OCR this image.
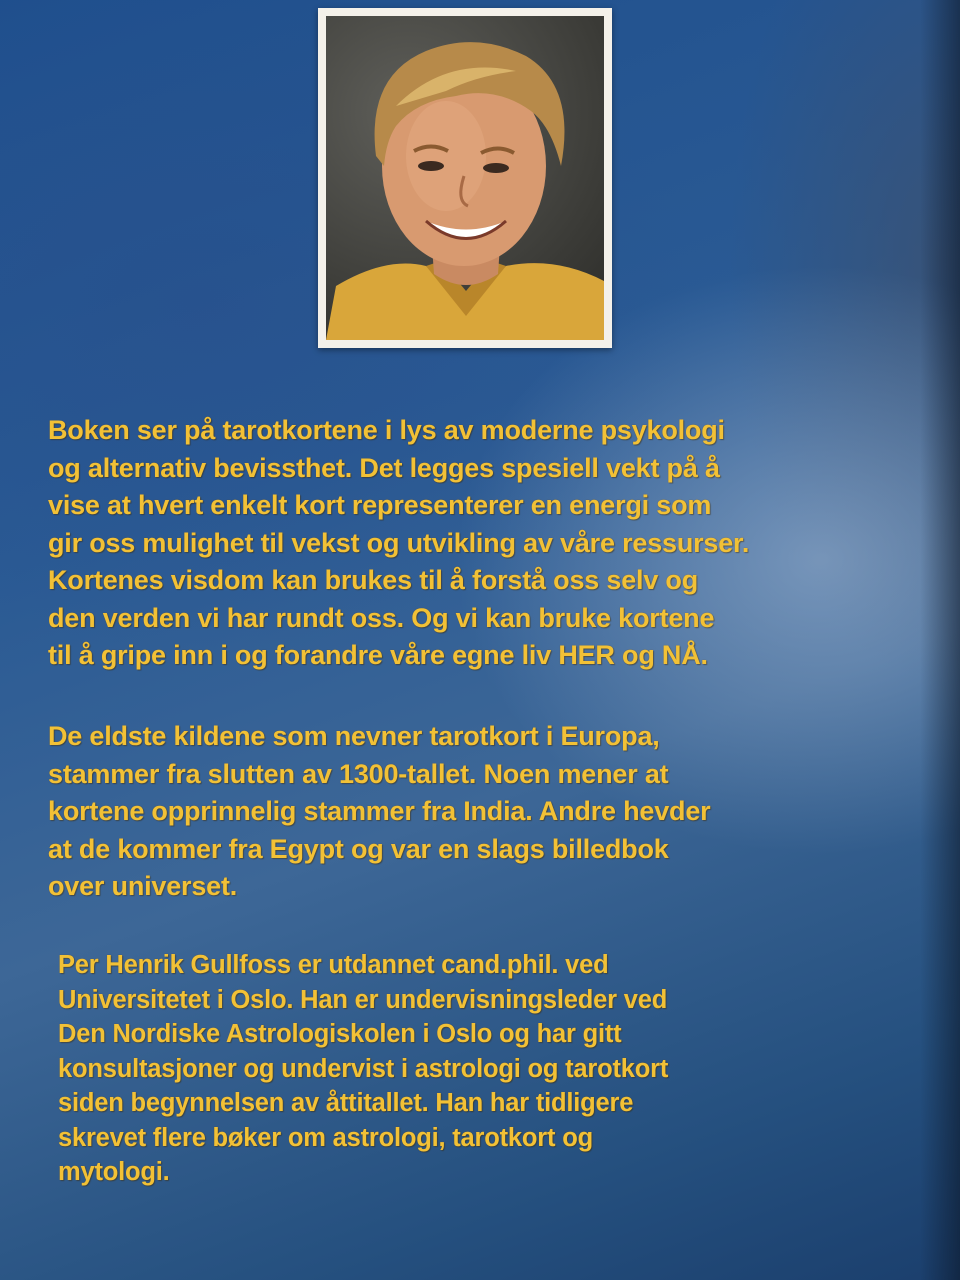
Boken ser på tarotkortene i lys av moderne psykologi
og alternativ bevissthet. Det legges spesiell vekt på å
vise at hvert enkelt kort representerer en energi som
gir oss mulighet til vekst og utvikling av våre ressurser.
Kortenes visdom kan brukes til å forstå oss selv og
den verden vi har rundt oss. Og vi kan bruke kortene
til å gripe inn i og forandre våre egne liv HER og NÅ.

De eldste kildene som nevner tarotkort i Europa,
stammer fra slutten av 1300-tallet. Noen mener at
kortene opprinnelig stammer fra India. Andre hevder
at de kommer fra Egypt og var en slags billedbok
over universet.

Per Henrik Gullfoss er utdannet cand.phil. ved
Universitetet i Oslo. Han er undervisningsleder ved
Den Nordiske Astrologiskolen i Oslo og har gitt
konsultasjoner og undervist i astrologi og tarotkort
siden begynnelsen av åttitallet. Han har tidligere
skrevet flere bøker om astrologi, tarotkort og
mytologi.
